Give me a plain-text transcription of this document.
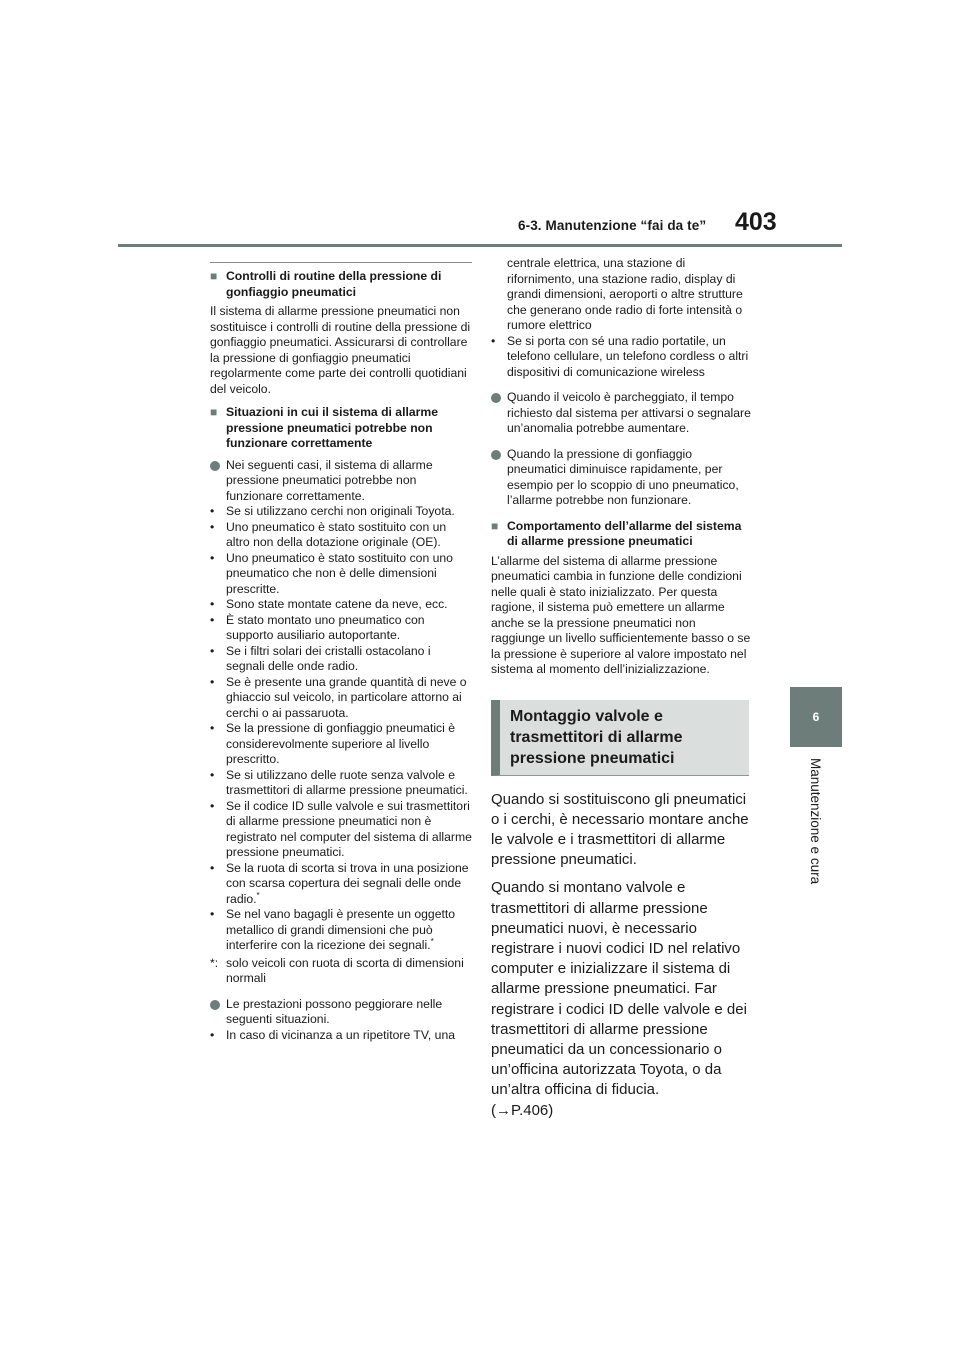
6-3. Manutenzione “fai da te” 403
6
Manutenzione e cura
■ Controlli di routine della pressione di gonfiaggio pneumatici

Il sistema di allarme pressione pneumatici non sostituisce i controlli di routine della pressione di gonfiaggio pneumatici. Assicurarsi di controllare la pressione di gonfiaggio pneumatici regolarmente come parte dei controlli quotidiani del veicolo.

■ Situazioni in cui il sistema di allarme pressione pneumatici potrebbe non funzionare correttamente
Nei seguenti casi, il sistema di allarme pressione pneumatici potrebbe non funzionare correttamente.
• Se si utilizzano cerchi non originali Toyota.
• Uno pneumatico è stato sostituito con un altro non della dotazione originale (OE).
• Uno pneumatico è stato sostituito con uno pneumatico che non è delle dimensioni prescritte.
• Sono state montate catene da neve, ecc.
• È stato montato uno pneumatico con supporto ausiliario autoportante.
• Se i filtri solari dei cristalli ostacolano i segnali delle onde radio.
• Se è presente una grande quantità di neve o ghiaccio sul veicolo, in particolare attorno ai cerchi o ai passaruota.
• Se la pressione di gonfiaggio pneumatici è considerevolmente superiore al livello prescritto.
• Se si utilizzano delle ruote senza valvole e trasmettitori di allarme pressione pneumatici.
• Se il codice ID sulle valvole e sui trasmettitori di allarme pressione pneumatici non è registrato nel computer del sistema di allarme pressione pneumatici.
• Se la ruota di scorta si trova in una posizione con scarsa copertura dei segnali delle onde radio.*
• Se nel vano bagagli è presente un oggetto metallico di grandi dimensioni che può interferire con la ricezione dei segnali.*
*: solo veicoli con ruota di scorta di dimensioni normali
Le prestazioni possono peggiorare nelle seguenti situazioni.
• In caso di vicinanza a un ripetitore TV, una
centrale elettrica, una stazione di rifornimento, una stazione radio, display di grandi dimensioni, aeroporti o altre strutture che generano onde radio di forte intensità o rumore elettrico
• Se si porta con sé una radio portatile, un telefono cellulare, un telefono cordless o altri dispositivi di comunicazione wireless
Quando il veicolo è parcheggiato, il tempo richiesto dal sistema per attivarsi o segnalare un’anomalia potrebbe aumentare.
Quando la pressione di gonfiaggio pneumatici diminuisce rapidamente, per esempio per lo scoppio di uno pneumatico, l’allarme potrebbe non funzionare.
■ Comportamento dell’allarme del sistema di allarme pressione pneumatici

L’allarme del sistema di allarme pressione pneumatici cambia in funzione delle condizioni nelle quali è stato inizializzato. Per questa ragione, il sistema può emettere un allarme anche se la pressione pneumatici non raggiunge un livello sufficientemente basso o se la pressione è superiore al valore impostato nel sistema al momento dell’inizializzazione.

Montaggio valvole e trasmettitori di allarme pressione pneumatici

Quando si sostituiscono gli pneumatici o i cerchi, è necessario montare anche le valvole e i trasmettitori di allarme pressione pneumatici.

Quando si montano valvole e trasmettitori di allarme pressione pneumatici nuovi, è necessario registrare i nuovi codici ID nel relativo computer e inizializzare il sistema di allarme pressione pneumatici. Far registrare i codici ID delle valvole e dei trasmettitori di allarme pressione pneumatici da un concessionario o un’officina autorizzata Toyota, o da un’altra officina di fiducia.
(→P.406)
